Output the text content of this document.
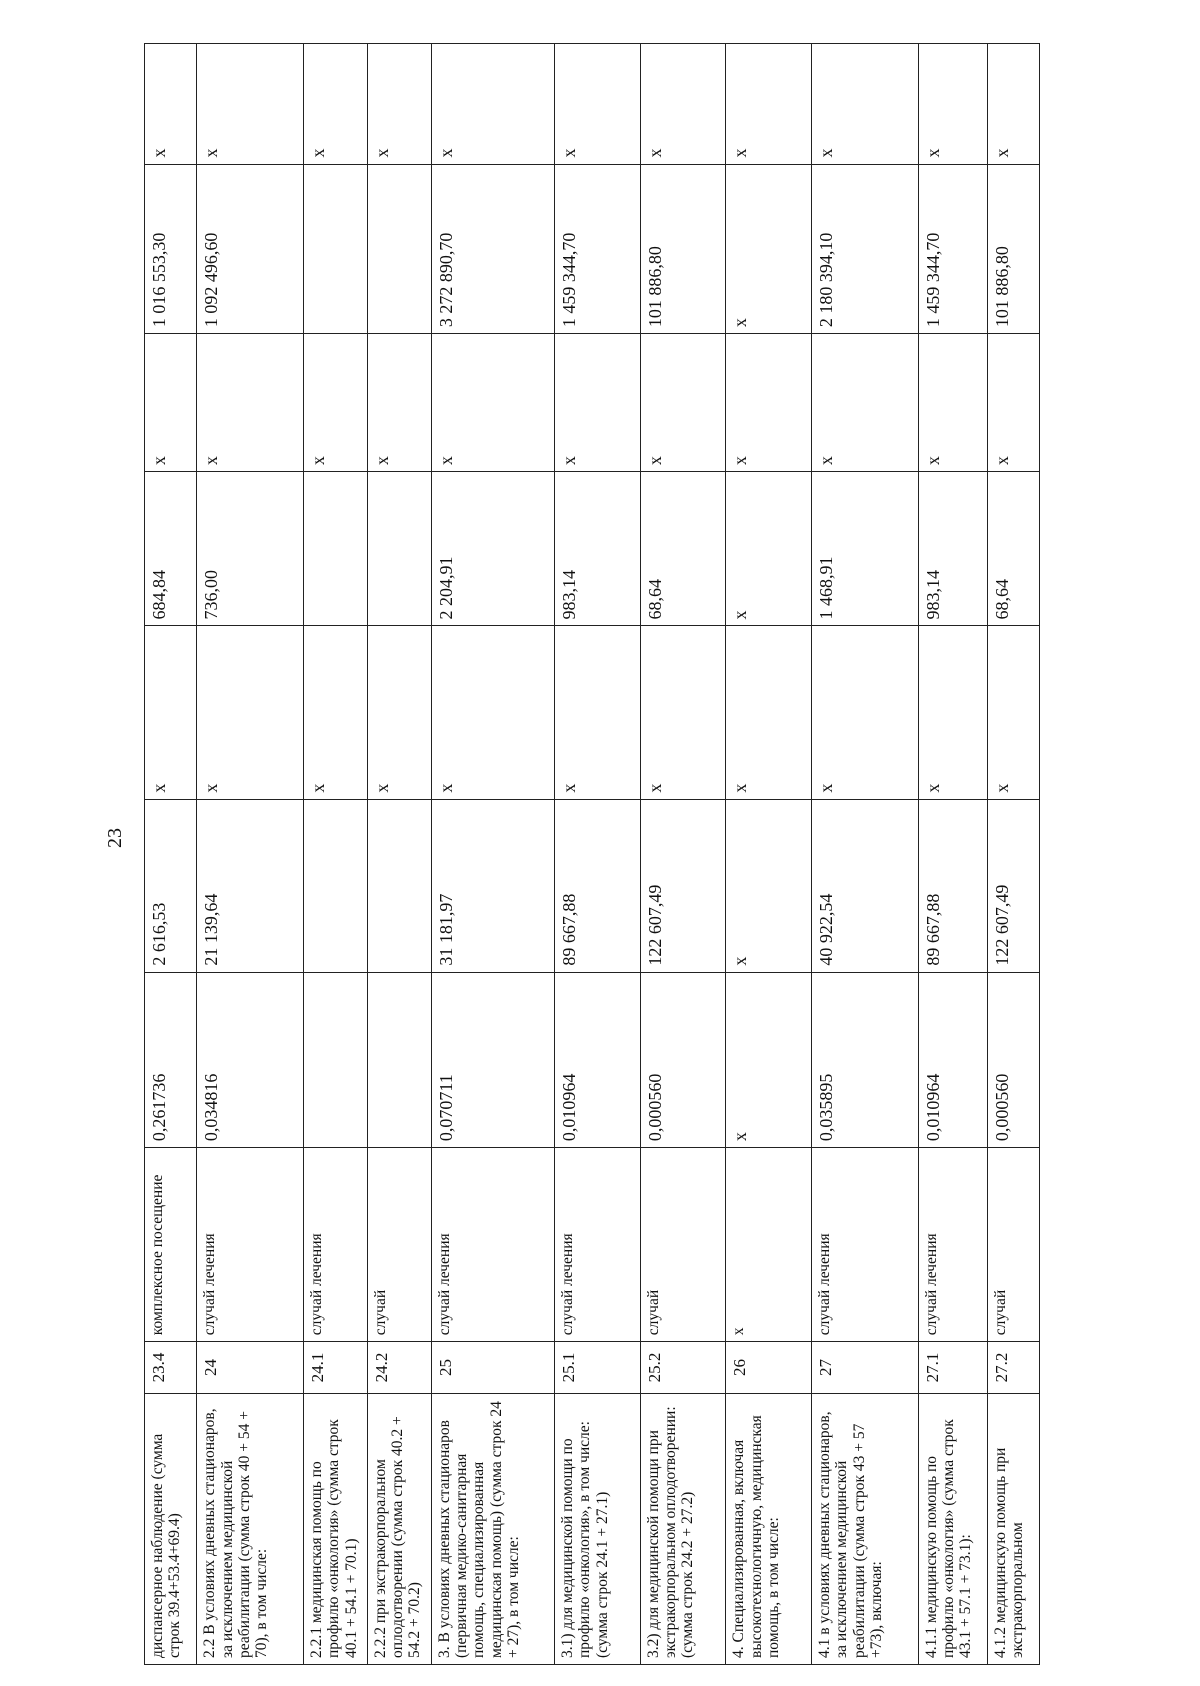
23
диспансерное наблюдение (сумма строк 39.4+53.4+69.4)	23.4	комплексное посещение	0,261736	2 616,53	x	684,84	x	1 016 553,30	x
2.2 В условиях дневных стационаров, за исключением медицинской реабилитации (сумма строк 40 + 54 + 70), в том числе:	24	случай лечения	0,034816	21 139,64	x	736,00	x	1 092 496,60	x
2.2.1 медицинская помощь по профилю «онкология» (сумма строк 40.1 + 54.1 + 70.1)	24.1	случай лечения			x		x		x
2.2.2 при экстракорпоральном оплодотворении (сумма строк 40.2 + 54.2 + 70.2)	24.2	случай			x		x		x
3. В условиях дневных стационаров (первичная медико-санитарная помощь, специализированная медицинская помощь) (сумма строк 24 + 27), в том числе:	25	случай лечения	0,070711	31 181,97	x	2 204,91	x	3 272 890,70	x
3.1) для медицинской помощи по профилю «онкология», в том числе: (сумма строк 24.1 + 27.1)	25.1	случай лечения	0,010964	89 667,88	x	983,14	x	1 459 344,70	x
3.2) для медицинской помощи при экстракорпоральном оплодотворении: (сумма строк 24.2 + 27.2)	25.2	случай	0,000560	122 607,49	x	68,64	x	101 886,80	x
4. Специализированная, включая высокотехнологичную, медицинская помощь, в том числе:	26	x	x	x	x	x	x	x	x
4.1 в условиях дневных стационаров, за исключением медицинской реабилитации (сумма строк 43 + 57 +73), включая:	27	случай лечения	0,035895	40 922,54	x	1 468,91	x	2 180 394,10	x
4.1.1 медицинскую помощь по профилю «онкология» (сумма строк 43.1 + 57.1 + 73.1):	27.1	случай лечения	0,010964	89 667,88	x	983,14	x	1 459 344,70	x
4.1.2 медицинскую помощь при экстракорпоральном	27.2	случай	0,000560	122 607,49	x	68,64	x	101 886,80	x
